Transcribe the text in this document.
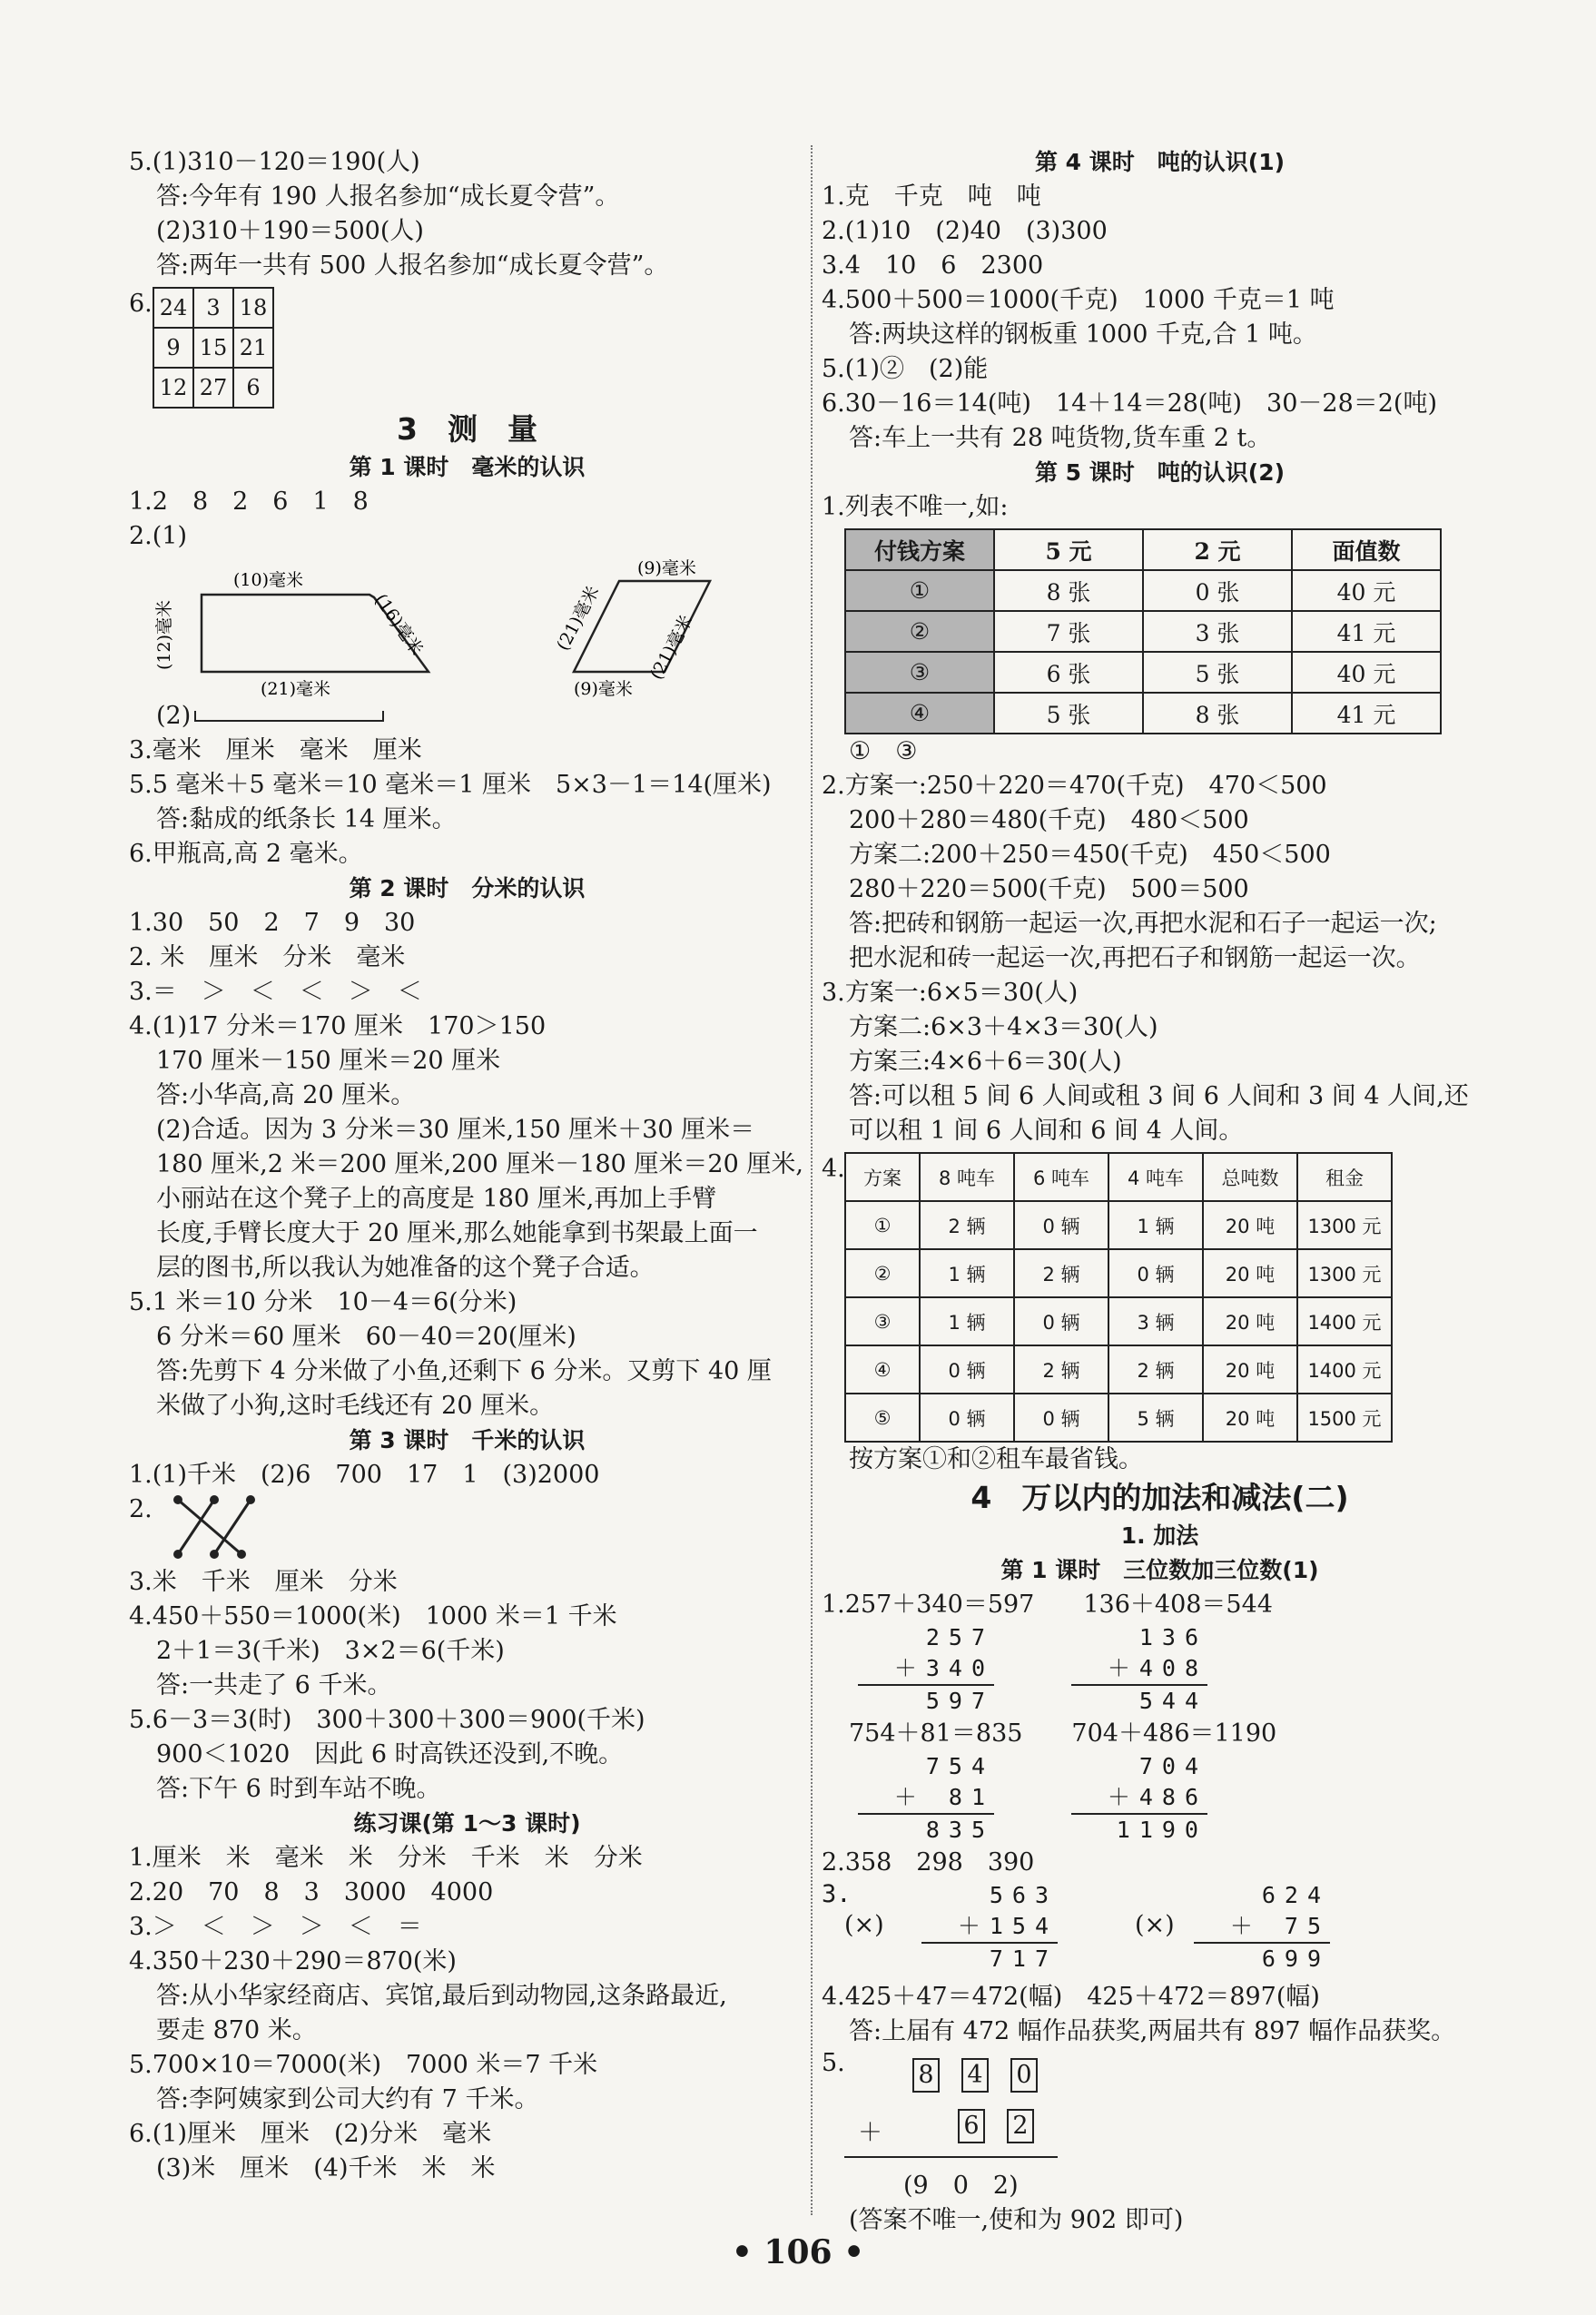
5.(1)310－120＝190(人)
答:今年有 190 人报名参加“成长夏令营”。
(2)310＋190＝500(人)
答:两年一共有 500 人报名参加“成长夏令营”。
6. 24	3	18
9	15	21
12	27	6
3　测　量
第 1 课时　毫米的认识
1.2　8　2　6　1　8
2.(1)
(10)毫米
(12)毫米	(16)毫米
(21)毫米
(9)毫米
(21)毫米 (21)毫米
(9)毫米
(2)
3.毫米　厘米　毫米　厘米
5.5 毫米＋5 毫米＝10 毫米＝1 厘米　5×3－1＝14(厘米)
答:黏成的纸条长 14 厘米。
6.甲瓶高,高 2 毫米。
第 2 课时　分米的认识
1.30　50　2　7　9　30
2. 米　厘米　分米　毫米
3.＝　＞　＜　＜　＞　＜
4.(1)17 分米＝170 厘米　170＞150
170 厘米－150 厘米＝20 厘米
答:小华高,高 20 厘米。
(2)合适。因为 3 分米＝30 厘米,150 厘米＋30 厘米＝
180 厘米,2 米＝200 厘米,200 厘米－180 厘米＝20 厘米,
小丽站在这个凳子上的高度是 180 厘米,再加上手臂
长度,手臂长度大于 20 厘米,那么她能拿到书架最上面一
层的图书,所以我认为她准备的这个凳子合适。
5.1 米＝10 分米　10－4＝6(分米)
6 分米＝60 厘米　60－40＝20(厘米)
答:先剪下 4 分米做了小鱼,还剩下 6 分米。又剪下 40 厘
米做了小狗,这时毛线还有 20 厘米。
第 3 课时　千米的认识
1.(1)千米　(2)6　700　17　1　(3)2000
2.
3.米　千米　厘米　分米
4.450＋550＝1000(米)　1000 米＝1 千米
2＋1＝3(千米)　3×2＝6(千米)
答:一共走了 6 千米。
5.6－3＝3(时)　300＋300＋300＝900(千米)
900＜1020　因此 6 时高铁还没到,不晚。
答:下午 6 时到车站不晚。
练习课(第 1～3 课时)
1.厘米　米　毫米　米　分米　千米　米　分米
2.20　70　8　3　3000　4000
3.＞　＜　＞　＞　＜　＝
4.350＋230＋290＝870(米)
答:从小华家经商店、宾馆,最后到动物园,这条路最近,
要走 870 米。
5.700×10＝7000(米)　7000 米＝7 千米
答:李阿姨家到公司大约有 7 千米。
6.(1)厘米　厘米　(2)分米　毫米
(3)米　厘米　(4)千米　米　米
第 4 课时　吨的认识(1)
1.克　千克　吨　吨
2.(1)10　(2)40　(3)300
3.4　10　6　2300
4.500＋500＝1000(千克)　1000 千克＝1 吨
答:两块这样的钢板重 1000 千克,合 1 吨。
5.(1)②　(2)能
6.30－16＝14(吨)　14＋14＝28(吨)　30－28＝2(吨)
答:车上一共有 28 吨货物,货车重 2 t。
第 5 课时　吨的认识(2)
1.列表不唯一,如:
付钱方案	5 元	2 元	面值数
①	8 张	0 张	40 元
②	7 张	3 张	41 元
③	6 张	5 张	40 元
④	5 张	8 张	41 元
①　③
2.方案一:250＋220＝470(千克)　470＜500
200＋280＝480(千克)　480＜500
方案二:200＋250＝450(千克)　450＜500
280＋220＝500(千克)　500＝500
答:把砖和钢筋一起运一次,再把水泥和石子一起运一次;
把水泥和砖一起运一次,再把石子和钢筋一起运一次。
3.方案一:6×5＝30(人)
方案二:6×3＋4×3＝30(人)
方案三:4×6＋6＝30(人)
答:可以租 5 间 6 人间或租 3 间 6 人间和 3 间 4 人间,还
可以租 1 间 6 人间和 6 间 4 人间。
4. 方案	8 吨车	6 吨车	4 吨车	总吨数	租金
①	2 辆	0 辆	1 辆	20 吨	1300 元
②	1 辆	2 辆	0 辆	20 吨	1300 元
③	1 辆	0 辆	3 辆	20 吨	1400 元
④	0 辆	2 辆	2 辆	20 吨	1400 元
⑤	0 辆	0 辆	5 辆	20 吨	1500 元
按方案①和②租车最省钱。
4　万以内的加法和减法(二)
1. 加法
第 1 课时　三位数加三位数(1)
1.257＋340＝597　　136＋408＝544
257
＋340
597
136
＋408
544
754＋81＝835　　704＋486＝1190
754
＋ 81
835
704
＋486
1190
2.358　298　390
3.
(×)
563
＋154
717
(×)
624
＋ 75
699
4.425＋47＝472(幅)　425＋472＝897(幅)
答:上届有 472 幅作品获奖,两届共有 897 幅作品获奖。
5.	8 4 0
＋	6 2
(9　0　2)
(答案不唯一,使和为 902 即可)
• 106 •
